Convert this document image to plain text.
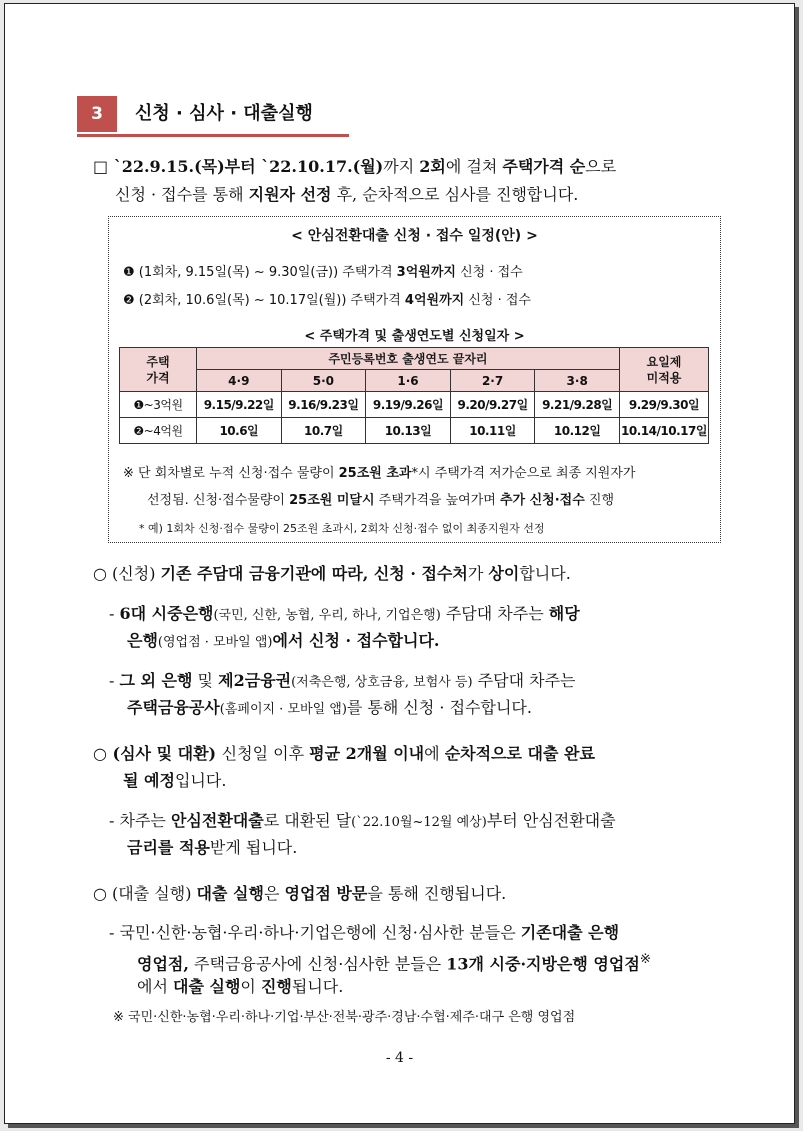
3	신청 · 심사 · 대출실행
□ `22.9.15.(목)부터 `22.10.17.(월)까지 2회에 걸쳐 주택가격 순으로
신청 · 접수를 통해 지원자 선정 후, 순차적으로 심사를 진행합니다.
< 안심전환대출 신청 · 접수 일정(안) >
❶ (1회차, 9.15일(목) ~ 9.30일(금)) 주택가격 3억원까지 신청 · 접수
❷ (2회차, 10.6일(목) ~ 10.17일(월)) 주택가격 4억원까지 신청 · 접수
< 주택가격 및 출생연도별 신청일자 >
주택
가격	주민등록번호 출생연도 끝자리					요일제
미적용
	4·9	5·0	1·6	2·7	3·8	
❶~3억원	9.15/9.22일	9.16/9.23일	9.19/9.26일	9.20/9.27일	9.21/9.28일	9.29/9.30일
❷~4억원	10.6일	10.7일	10.13일	10.11일	10.12일	10.14/10.17일
※ 단 회차별로 누적 신청·접수 물량이 25조원 초과*시 주택가격 저가순으로 최종 지원자가
선정됨. 신청·접수물량이 25조원 미달시 주택가격을 높여가며 추가 신청·접수 진행
* 예) 1회차 신청·접수 물량이 25조원 초과시, 2회차 신청·접수 없이 최종지원자 선정
○ (신청) 기존 주담대 금융기관에 따라, 신청 · 접수처가 상이합니다.
- 6대 시중은행(국민, 신한, 농협, 우리, 하나, 기업은행) 주담대 차주는 해당
은행(영업점 · 모바일 앱)에서 신청 · 접수합니다.
- 그 외 은행 및 제2금융권(저축은행, 상호금융, 보험사 등) 주담대 차주는
주택금융공사(홈페이지 · 모바일 앱)를 통해 신청 · 접수합니다.
○ (심사 및 대환) 신청일 이후 평균 2개월 이내에 순차적으로 대출 완료
될 예정입니다.
- 차주는 안심전환대출로 대환된 달(`22.10월~12월 예상)부터 안심전환대출
금리를 적용받게 됩니다.
○ (대출 실행) 대출 실행은 영업점 방문을 통해 진행됩니다.
- 국민·신한·농협·우리·하나·기업은행에 신청·심사한 분들은 기존대출 은행
영업점, 주택금융공사에 신청·심사한 분들은 13개 시중·지방은행 영업점※
에서 대출 실행이 진행됩니다.
※ 국민·신한·농협·우리·하나·기업·부산·전북·광주·경남·수협·제주·대구 은행 영업점
- 4 -
